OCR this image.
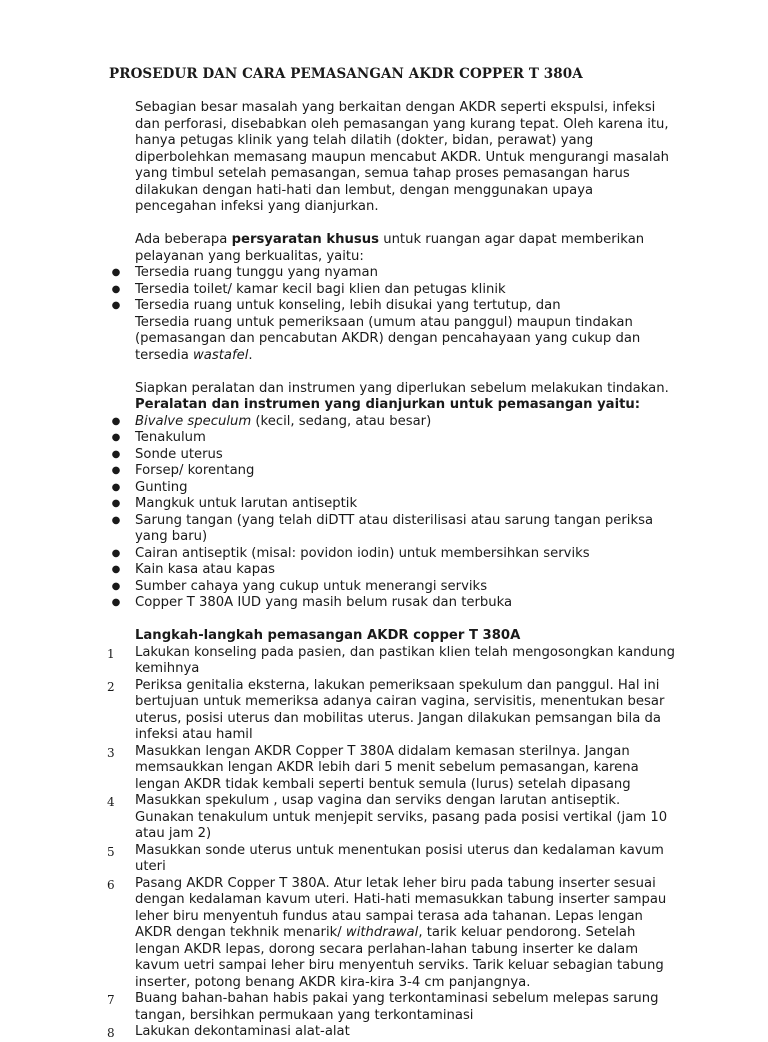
PROSEDUR DAN CARA PEMASANGAN AKDR COPPER T 380A

Sebagian besar masalah yang berkaitan dengan AKDR seperti ekspulsi, infeksi dan perforasi, disebabkan oleh pemasangan yang kurang tepat. Oleh karena itu, hanya petugas klinik yang telah dilatih (dokter, bidan, perawat) yang diperbolehkan memasang maupun mencabut AKDR. Untuk mengurangi masalah yang timbul setelah pemasangan, semua tahap proses pemasangan harus dilakukan dengan hati-hati dan lembut, dengan menggunakan upaya pencegahan infeksi yang dianjurkan.

Ada beberapa persyaratan khusus untuk ruangan agar dapat memberikan pelayanan yang berkualitas, yaitu:

● Tersedia ruang tunggu yang nyaman
● Tersedia toilet/ kamar kecil bagi klien dan petugas klinik
● Tersedia ruang untuk konseling, lebih disukai yang tertutup, dan

Tersedia ruang untuk pemeriksaan (umum atau panggul) maupun tindakan (pemasangan dan pencabutan AKDR) dengan pencahayaan yang cukup dan tersedia wastafel.

Siapkan peralatan dan instrumen yang diperlukan sebelum melakukan tindakan.

Peralatan dan instrumen yang dianjurkan untuk pemasangan yaitu:
● Bivalve speculum (kecil, sedang, atau besar)
● Tenakulum
● Sonde uterus
● Forsep/ korentang
● Gunting
● Mangkuk untuk larutan antiseptik
● Sarung tangan (yang telah diDTT atau disterilisasi atau sarung tangan periksa yang baru)
● Cairan antiseptik (misal: povidon iodin) untuk membersihkan serviks
● Kain kasa atau kapas
● Sumber cahaya yang cukup untuk menerangi serviks
● Copper T 380A IUD yang masih belum rusak dan terbuka
Langkah-langkah pemasangan AKDR copper T 380A
1	Lakukan konseling pada pasien, dan pastikan klien telah mengosongkan kandung kemihnya
2	Periksa genitalia eksterna, lakukan pemeriksaan spekulum dan panggul. Hal ini bertujuan untuk memeriksa adanya cairan vagina, servisitis, menentukan besar uterus, posisi uterus dan mobilitas uterus. Jangan dilakukan pemsangan bila da infeksi atau hamil
3	Masukkan lengan AKDR Copper T 380A didalam kemasan sterilnya. Jangan memsaukkan lengan AKDR lebih dari 5 menit sebelum pemasangan, karena lengan AKDR tidak kembali seperti bentuk semula (lurus) setelah dipasang
4	Masukkan spekulum , usap vagina dan serviks dengan larutan antiseptik. Gunakan tenakulum untuk menjepit serviks, pasang pada posisi vertikal (jam 10 atau jam 2)
5	Masukkan sonde uterus untuk menentukan posisi uterus dan kedalaman kavum uteri
6	Pasang AKDR Copper T 380A. Atur letak leher biru pada tabung inserter sesuai dengan kedalaman kavum uteri. Hati-hati memasukkan tabung inserter sampau leher biru menyentuh fundus atau sampai terasa ada tahanan. Lepas lengan AKDR dengan tekhnik menarik/ withdrawal, tarik keluar pendorong. Setelah lengan AKDR lepas, dorong secara perlahan-lahan tabung inserter ke dalam kavum uetri sampai leher biru menyentuh serviks. Tarik keluar sebagian tabung inserter, potong benang AKDR kira-kira 3-4 cm panjangnya.
7	Buang bahan-bahan habis pakai yang terkontaminasi sebelum melepas sarung tangan, bersihkan permukaan yang terkontaminasi
8	Lakukan dekontaminasi alat-alat
